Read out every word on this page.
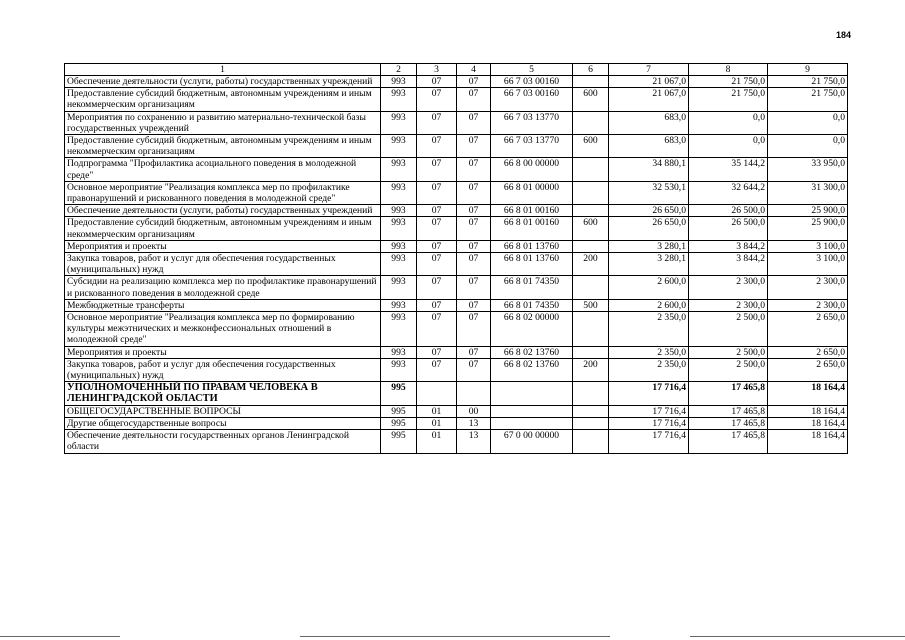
184
1	2	3	4	5	6	7	8	9
Обеспечение деятельности (услуги, работы) государственных учреждений	993	07	07	66 7 03 00160		21 067,0	21 750,0	21 750,0
Предоставление субсидий бюджетным, автономным учреждениям и иным некоммерческим организациям	993	07	07	66 7 03 00160	600	21 067,0	21 750,0	21 750,0
Мероприятия по сохранению и развитию материально-технической базы государственных учреждений	993	07	07	66 7 03 13770		683,0	0,0	0,0
Предоставление субсидий бюджетным, автономным учреждениям и иным некоммерческим организациям	993	07	07	66 7 03 13770	600	683,0	0,0	0,0
Подпрограмма "Профилактика асоциального поведения в молодежной среде"	993	07	07	66 8 00 00000		34 880,1	35 144,2	33 950,0
Основное мероприятие "Реализация комплекса мер по профилактике правонарушений и рискованного поведения в молодежной среде"	993	07	07	66 8 01 00000		32 530,1	32 644,2	31 300,0
Обеспечение деятельности (услуги, работы) государственных учреждений	993	07	07	66 8 01 00160		26 650,0	26 500,0	25 900,0
Предоставление субсидий бюджетным, автономным учреждениям и иным некоммерческим организациям	993	07	07	66 8 01 00160	600	26 650,0	26 500,0	25 900,0
Мероприятия и проекты	993	07	07	66 8 01 13760		3 280,1	3 844,2	3 100,0
Закупка товаров, работ и услуг для обеспечения государственных (муниципальных) нужд	993	07	07	66 8 01 13760	200	3 280,1	3 844,2	3 100,0
Субсидии на реализацию комплекса мер по профилактике правонарушений и рискованного поведения в молодежной среде	993	07	07	66 8 01 74350		2 600,0	2 300,0	2 300,0
Межбюджетные трансферты	993	07	07	66 8 01 74350	500	2 600,0	2 300,0	2 300,0
Основное мероприятие "Реализация комплекса мер по формированию культуры межэтнических и межконфессиональных отношений в молодежной среде"	993	07	07	66 8 02 00000		2 350,0	2 500,0	2 650,0
Мероприятия и проекты	993	07	07	66 8 02 13760		2 350,0	2 500,0	2 650,0
Закупка товаров, работ и услуг для обеспечения государственных (муниципальных) нужд	993	07	07	66 8 02 13760	200	2 350,0	2 500,0	2 650,0
УПОЛНОМОЧЕННЫЙ ПО ПРАВАМ ЧЕЛОВЕКА В ЛЕНИНГРАДСКОЙ ОБЛАСТИ	995					17 716,4	17 465,8	18 164,4
ОБЩЕГОСУДАРСТВЕННЫЕ ВОПРОСЫ	995	01	00			17 716,4	17 465,8	18 164,4
Другие общегосударственные вопросы	995	01	13			17 716,4	17 465,8	18 164,4
Обеспечение деятельности государственных органов Ленинградской области	995	01	13	67 0 00 00000		17 716,4	17 465,8	18 164,4
